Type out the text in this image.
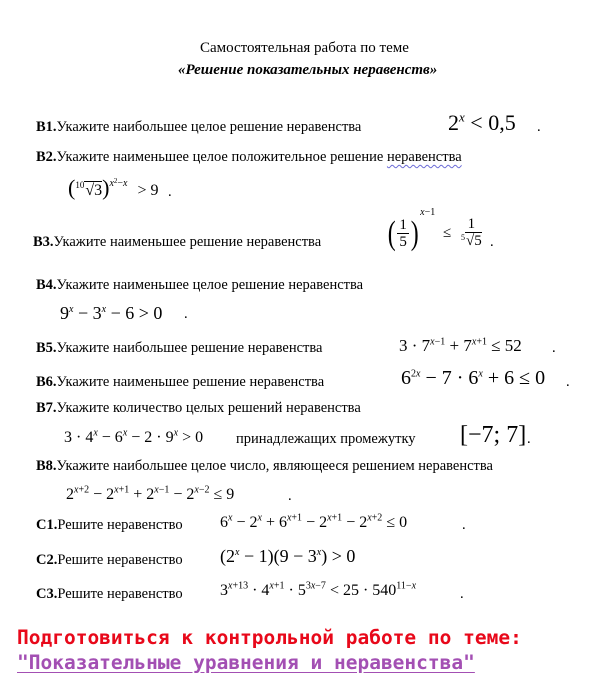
Самостоятельная работа по теме
«Решение показательных неравенств»
B1.Укажите наибольшее целое решение неравенства	$2^x < 0,5$ .
B2.Укажите наименьшее целое положительное решение неравенства
$(^{10}√3)^{x^2-x} > 9$ .
B3.Укажите наименьшее решение неравенства ( $\frac{1}{5} )^{x-1} \le \frac{1}{^5√5}$ .
B4.Укажите наименьшее целое решение неравенства
$9^x - 3^x - 6 > 0$ .
B5.Укажите наибольшее решение неравенства	$3 \cdot 7^{x-1} + 7^{x+1} \le 52$ .
B6.Укажите наименьшее решение неравенства	$6^{2x} - 7 \cdot 6^x + 6 \le 0$ .
B7.Укажите количество целых решений неравенства
$3 \cdot 4^x - 6^x - 2 \cdot 9^x > 0$ принадлежащих промежутку [−7; 7] .
B8.Укажите наибольшее целое число, являющееся решением неравенства
$2^{x+2} - 2^{x+1} + 2^{x-1} - 2^{x-2} \le 9$	.
C1.Решите неравенство $6^x - 2^x + 6^{x+1} - 2^{x+1} - 2^{x+2} \le 0$	.
C2.Решите неравенство $(2^x - 1)(9 - 3^x) > 0$
C3.Решите неравенство $3^{x+13} \cdot 4^{x+1} \cdot 5^{3x-7} < 25 \cdot 540^{11-x}$	.
Подготовиться к контрольной работе по теме:
"Показательные уравнения и неравенства"
